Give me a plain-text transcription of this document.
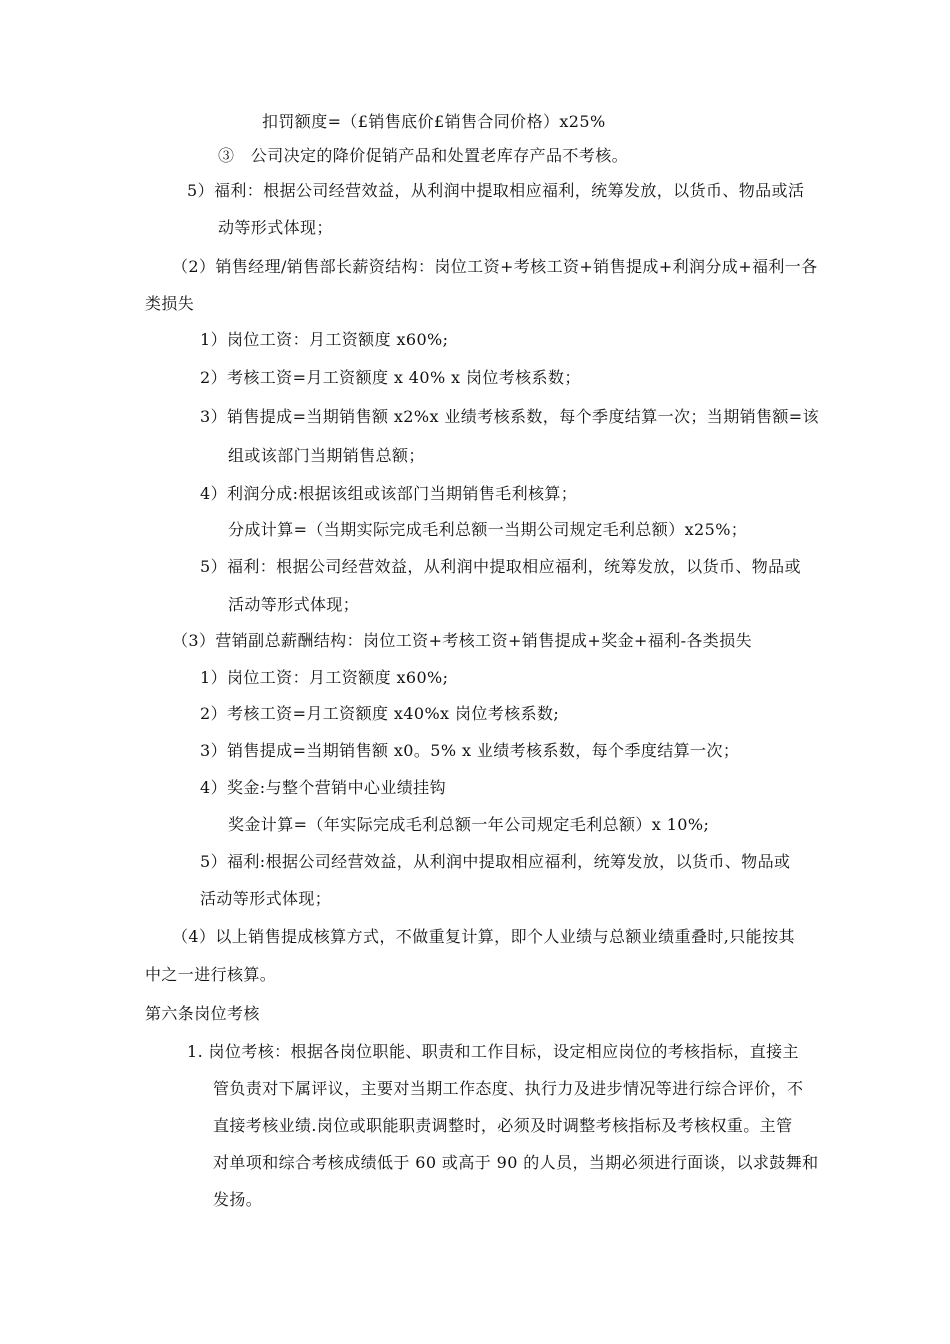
扣罚额度=（£销售底价£销售合同价格）x25%
③　公司决定的降价促销产品和处置老库存产品不考核。
5）福利：根据公司经营效益，从利润中提取相应福利，统筹发放，以货币、物品或活
动等形式体现；
（2）销售经理/销售部长薪资结构：岗位工资+考核工资+销售提成+利润分成+福利一各
类损失
1）岗位工资：月工资额度 x60%;
2）考核工资=月工资额度 x 40% x 岗位考核系数；
3）销售提成=当期销售额 x2%x 业绩考核系数，每个季度结算一次；当期销售额=该
组或该部门当期销售总额；
4）利润分成:根据该组或该部门当期销售毛利核算；
分成计算=（当期实际完成毛利总额一当期公司规定毛利总额）x25%；
5）福利：根据公司经营效益，从利润中提取相应福利，统筹发放，以货币、物品或
活动等形式体现；
（3）营销副总薪酬结构：岗位工资+考核工资+销售提成+奖金+福利-各类损失
1）岗位工资：月工资额度 x60%;
2）考核工资=月工资额度 x40%x 岗位考核系数;
3）销售提成=当期销售额 x0。5% x 业绩考核系数，每个季度结算一次；
4）奖金:与整个营销中心业绩挂钩
奖金计算=（年实际完成毛利总额一年公司规定毛利总额）x 10%;
5）福利:根据公司经营效益，从利润中提取相应福利，统筹发放，以货币、物品或
活动等形式体现；
（4）以上销售提成核算方式，不做重复计算，即个人业绩与总额业绩重叠时,只能按其
中之一进行核算。
第六条岗位考核
1. 岗位考核：根据各岗位职能、职责和工作目标，设定相应岗位的考核指标，直接主
管负责对下属评议，主要对当期工作态度、执行力及进步情况等进行综合评价，不
直接考核业绩.岗位或职能职责调整时，必须及时调整考核指标及考核权重。主管
对单项和综合考核成绩低于 60 或高于 90 的人员，当期必须进行面谈，以求鼓舞和
发扬。
